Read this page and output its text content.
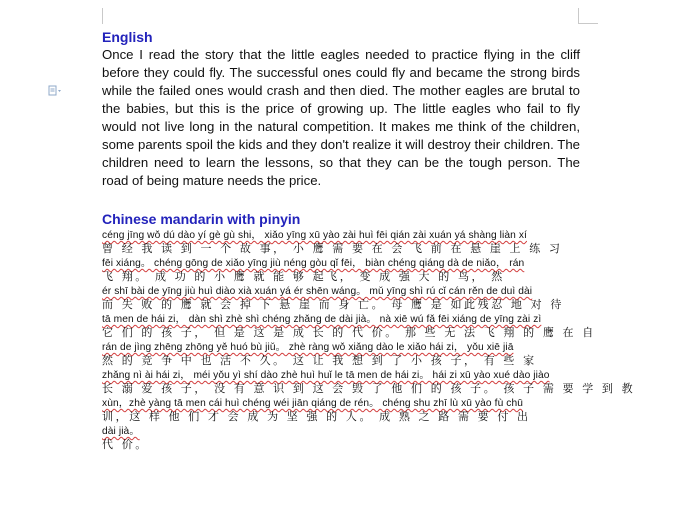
English

Once I read the story that the little eagles needed to practice flying in the cliff before they could fly. The successful ones could fly and became the strong birds while the failed ones would crash and then died. The mother eagles are brutal to the babies, but this is the price of growing up. The little eagles who fail to fly would not live long in the natural competition. It makes me think of the children, some parents spoil the kids and they don't realize it will destroy their children. The children need to learn the lessons, so that they can be the tough person. The road of being mature needs the price.

Chinese mandarin with pinyin

céng jīng wǒ dú dào yí gè gù shi， xiǎo yīng xū yào zài huì fēi qián zài xuán yá shàng liàn xí

曾 经 我 读 到 一 个 故 事， 小 鹰 需 要 在 会 飞 前 在 悬 崖 上 练 习

fēi xiáng。 chéng gōng de xiǎo yīng jiù néng gòu qǐ fēi， biàn chéng qiáng dà de niǎo， rán

飞 翔。 成 功 的 小 鹰 就 能 够 起飞， 变 成 强 大 的 鸟， 然

ér shī bài de yīng jiù huì diào xià xuán yá ér shēn wáng。 mǔ yīng shì rú cǐ cán rěn de duì dài

而 失 败 的 鹰 就 会 掉 下 悬 崖 而 身 亡。 母 鹰 是 如此残忍 地 对 待

tā men de hái zi， dàn shì zhè shì chéng zhǎng de dài jià。 nà xiē wú fǎ fēi xiáng de yīng zài zì

它 们 的 孩 子， 但 是 这 是 成 长 的 代 价。 那 些 无 法 飞 翔 的 鹰 在 自

rán de jìng zhēng zhōng yě huó bù jiǔ。 zhè ràng wǒ xiǎng dào le xiǎo hái zi， yǒu xiē jiā

然 的 竞 争 中 也 活 不 久。 这 让 我 想 到 了 小 孩 子， 有 些 家

zhǎng nì ài hái zi， méi yǒu yì shí dào zhè huì huǐ le tā men de hái zi。 hái zi xū yào xué dào jiào

长 溺 爱 孩 子， 没 有 意 识 到 这 会 毁 了 他 们 的 孩 子。 孩 子 需 要 学 到 教

xùn，zhè yàng tā men cái huì chéng wéi jiān qiáng de rén。 chéng shu zhī lù xū yào fù chū

训，这 样 他 们 才 会 成 为 坚 强 的 人。 成 熟 之 路 需 要 付 出

dài jià。

代 价。
